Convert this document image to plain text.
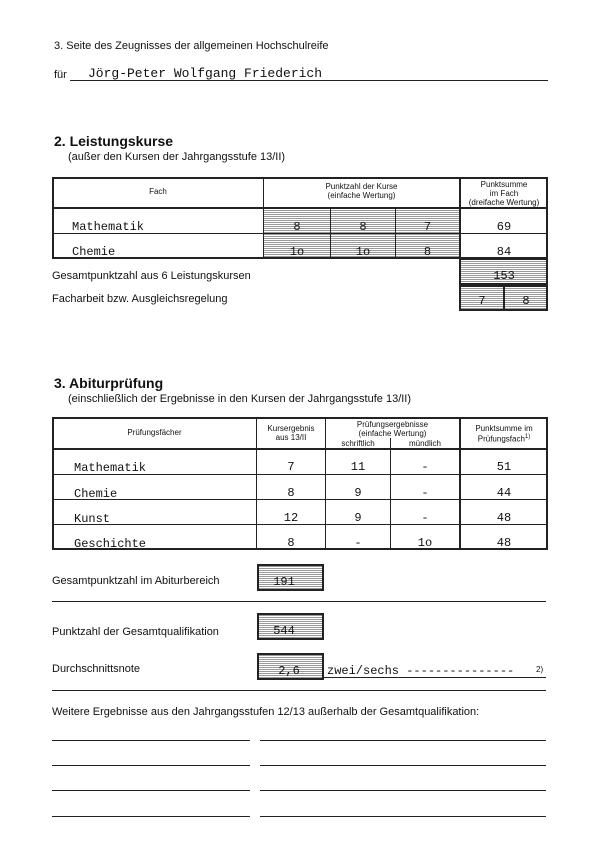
3. Seite des Zeugnisses der allgemeinen Hochschulreife
für Jörg-Peter Wolfgang Friederich
2. Leistungskurse
(außer den Kursen der Jahrgangsstufe 13/II)
Fach
Punktzahl der Kurse
(einfache Wertung)
Punktsumme
im Fach
(dreifache Wertung)
Mathematik	8	8	7	69
Chemie	1o	1o	8	84
Gesamtpunktzahl aus 6 Leistungskursen	153
Facharbeit bzw. Ausgleichsregelung	7	8
3. Abiturprüfung
(einschließlich der Ergebnisse in den Kursen der Jahrgangsstufe 13/II)
Prüfungsfächer	Kursergebnis
aus 13/II
Prüfungsergebnisse
(einfache Wertung)
schriftlich	mündlich
Punktsumme im
Prüfungsfach$^{1)}$
Mathematik	7	11	-	51
Chemie	8	9	-	44
Kunst	12	9	-	48
Geschichte	8	-	1o	48
Gesamtpunktzahl im Abiturbereich	191
Punktzahl der Gesamtqualifikation	544
Durchschnittsnote	2,6	zwei/sechs ---------------	2)
Weitere Ergebnisse aus den Jahrgangsstufen 12/13 außerhalb der Gesamtqualifikation:
